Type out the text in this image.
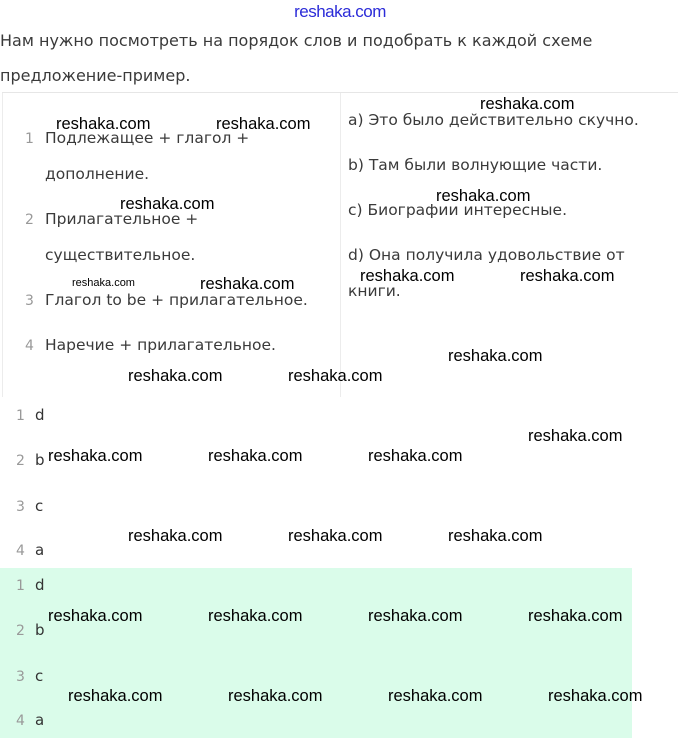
reshaka.com
Нам нужно посмотреть на порядок слов и подобрать к каждой схеме
предложение-пример.
1 Подлежащее + глагол +
дополнение.
2 Прилагательное +
существительное.
3 Глагол to be + прилагательное.
4 Наречие + прилагательное.
a) Это было действительно скучно.
b) Там были волнующие части.
c) Биографии интересные.
d) Она получила удовольствие от
книги.
1 d
2 b
3 c
4 a
1 d
2 b
3 c
4 a
reshaka.com	reshaka.com
reshaka.com
reshaka.com	reshaka.com
reshaka.com
reshaka.com
reshaka.com	reshaka.com
reshaka.com
reshaka.com	reshaka.com
reshaka.com
reshaka.com	reshaka.com	reshaka.com
reshaka.com	reshaka.com	reshaka.com
reshaka.com	reshaka.com	reshaka.com	reshaka.com
reshaka.com	reshaka.com	reshaka.com	reshaka.com
